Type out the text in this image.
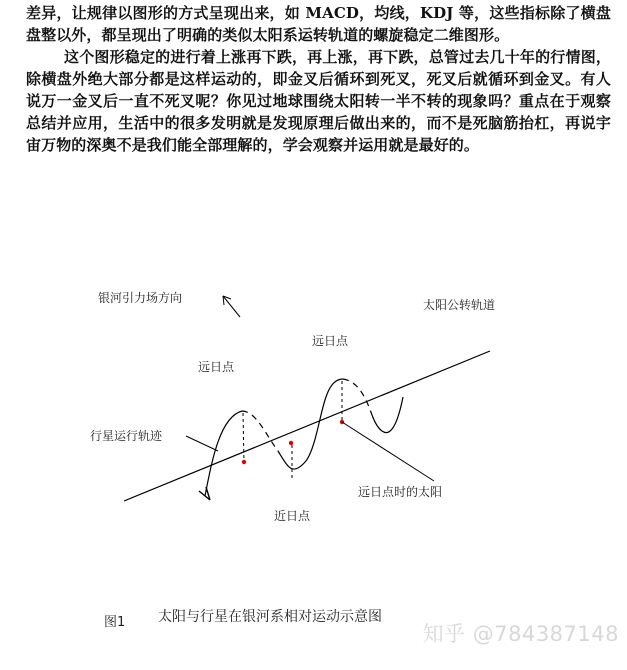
差异，让规律以图形的方式呈现出来，如 MACD，均线，KDJ 等，这些指标除了横盘盘整以外，都呈现出了明确的类似太阳系运转轨道的螺旋稳定二维图形。

这个图形稳定的进行着上涨再下跌，再上涨，再下跌，总管过去几十年的行情图，除横盘外绝大部分都是这样运动的，即金叉后循环到死叉，死叉后就循环到金叉。有人说万一金叉后一直不死叉呢？你见过地球围绕太阳转一半不转的现象吗？重点在于观察总结并应用，生活中的很多发明就是发现原理后做出来的，而不是死脑筋抬杠，再说宇宙万物的深奥不是我们能全部理解的，学会观察并运用就是最好的。

银河引力场方向	太阳公转轨道
远日点
远日点
行星运行轨迹
近日点
远日点时的太阳
图1 太阳与行星在银河系相对运动示意图
知乎 @784387148
